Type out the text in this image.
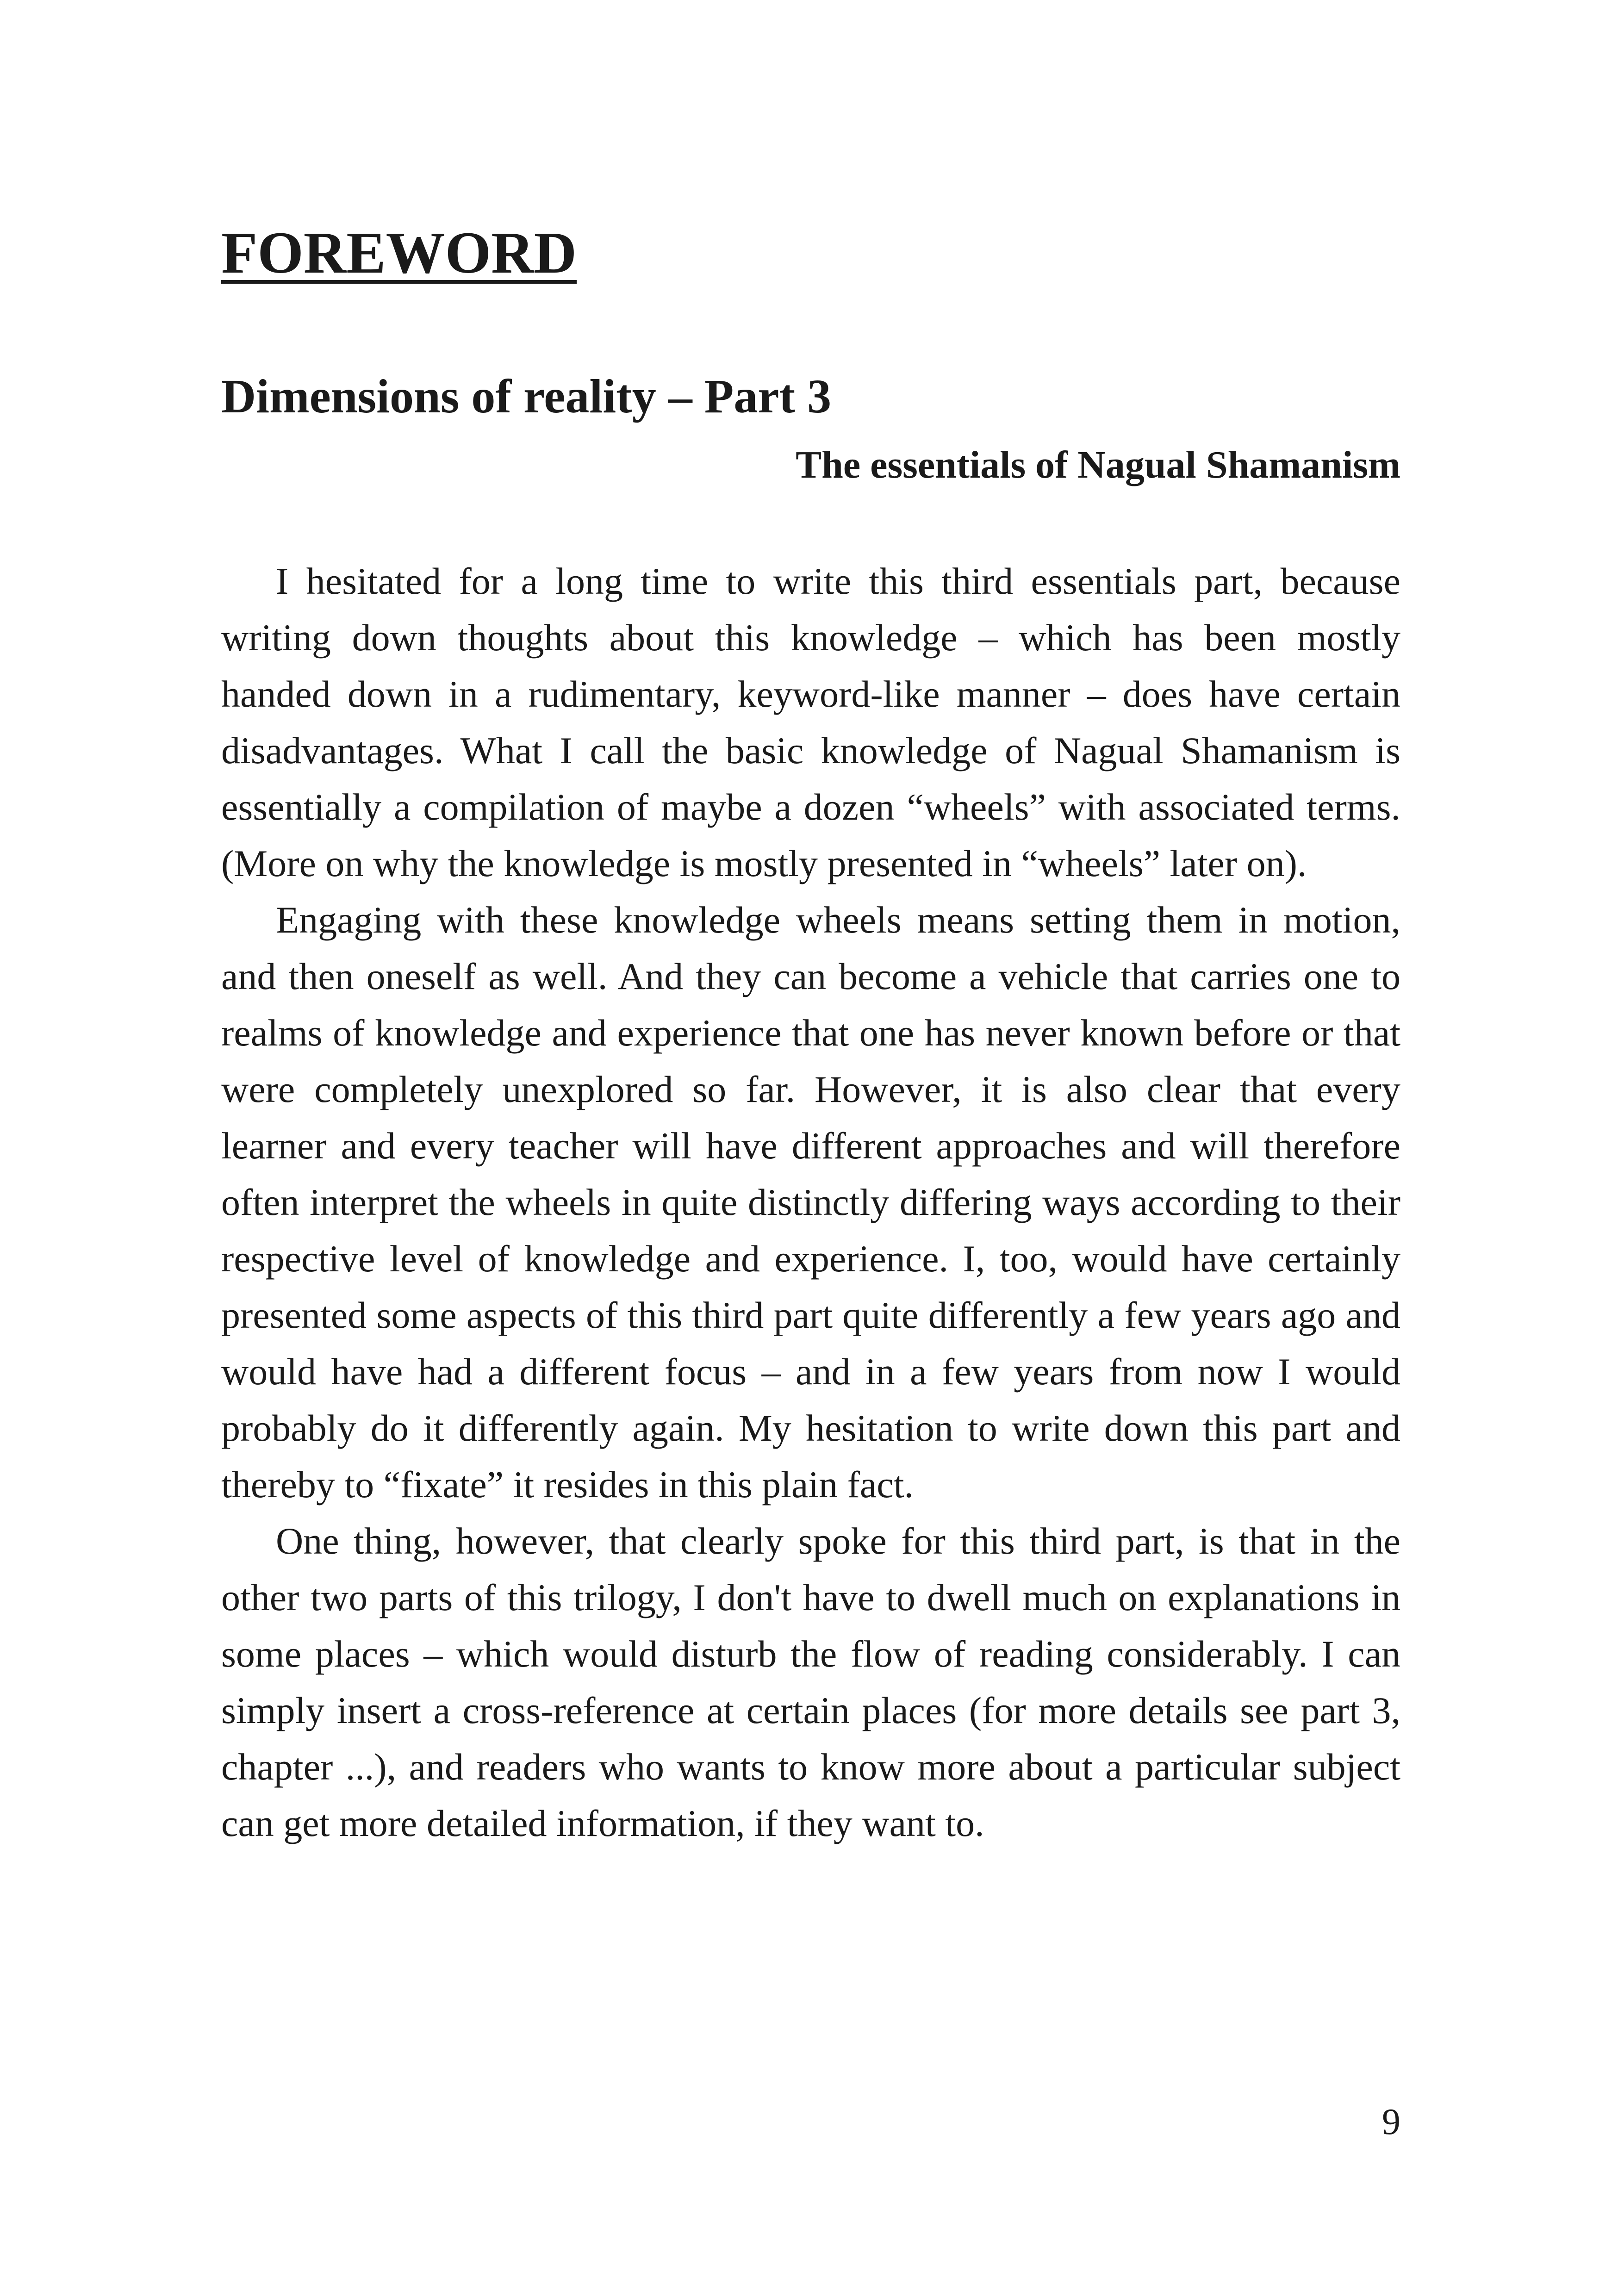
FOREWORD
Dimensions of reality – Part 3
The essentials of Nagual Shamanism

I hesitated for a long time to write this third essentials part, because writing down thoughts about this knowledge – which has been mostly handed down in a rudimentary, keyword-like manner – does have certain disadvantages. What I call the basic knowledge of Nagual Shamanism is essentially a compilation of maybe a dozen “wheels” with associated terms. (More on why the knowledge is mostly presented in “wheels” later on).

Engaging with these knowledge wheels means setting them in motion, and then oneself as well. And they can become a vehicle that carries one to realms of knowledge and experience that one has never known before or that were completely unexplored so far. However, it is also clear that every learner and every teacher will have different approaches and will therefore often interpret the wheels in quite distinctly differing ways according to their respective level of knowledge and experience. I, too, would have certainly presented some aspects of this third part quite differently a few years ago and would have had a different focus – and in a few years from now I would probably do it differently again. My hesitation to write down this part and thereby to “fixate” it resides in this plain fact.

One thing, however, that clearly spoke for this third part, is that in the other two parts of this trilogy, I don't have to dwell much on explanations in some places – which would disturb the flow of reading considerably. I can simply insert a cross-reference at certain places (for more details see part 3, chapter ...), and readers who wants to know more about a particular subject can get more detailed information, if they want to.

9
